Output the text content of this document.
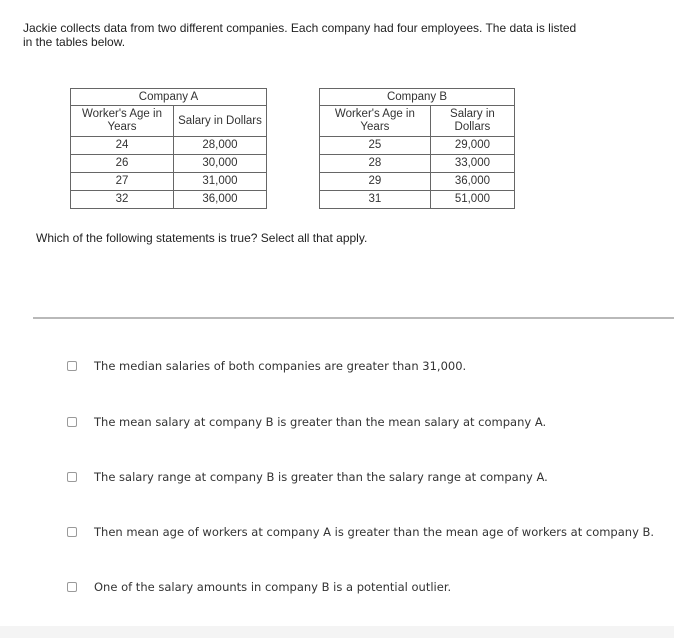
Jackie collects data from two different companies. Each company had four employees. The data is listed in the tables below.
Company A	
Worker's Age in Years	Salary in Dollars
24	28,000
26	30,000
27	31,000
32	36,000
Company B	
Worker's Age in Years	Salary in Dollars
25	29,000
28	33,000
29	36,000
31	51,000
Which of the following statements is true? Select all that apply.
The median salaries of both companies are greater than 31,000.
The mean salary at company B is greater than the mean salary at company A.
The salary range at company B is greater than the salary range at company A.
Then mean age of workers at company A is greater than the mean age of workers at company B.
One of the salary amounts in company B is a potential outlier.
